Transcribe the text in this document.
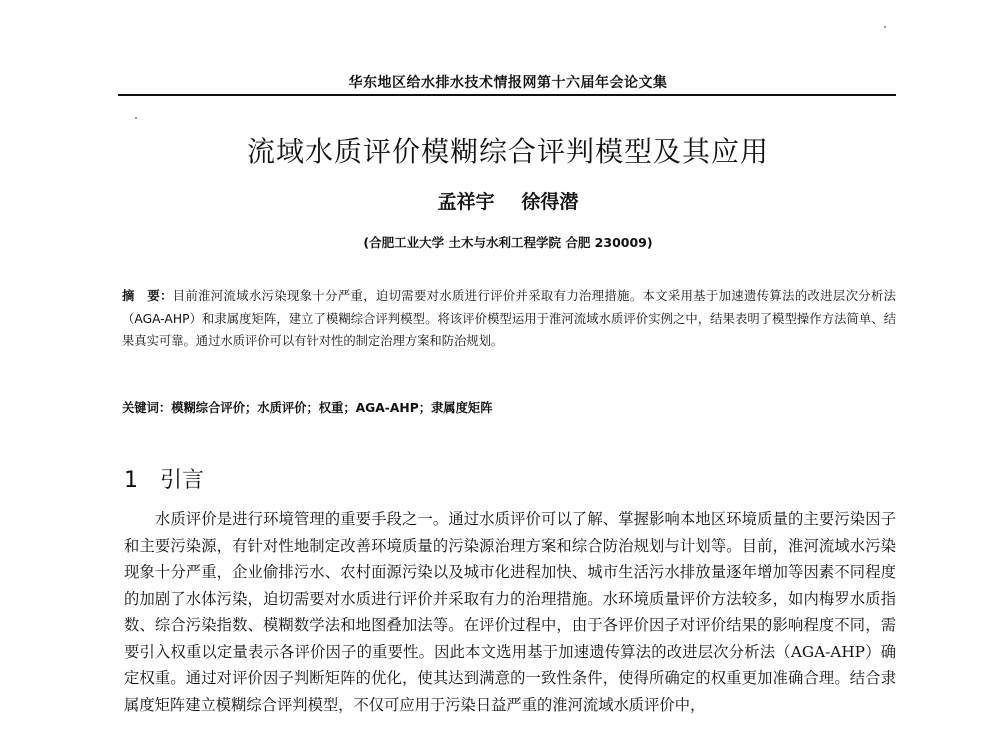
华东地区给水排水技术情报网第十六届年会论文集
流域水质评价模糊综合评判模型及其应用
孟祥宇 徐得潜
(合肥工业大学 土木与水利工程学院 合肥 230009)
摘　要：目前淮河流域水污染现象十分严重，迫切需要对水质进行评价并采取有力治理措施。本文采用基于加速遗传算法的改进层次分析法（AGA-AHP）和隶属度矩阵，建立了模糊综合评判模型。将该评价模型运用于淮河流域水质评价实例之中，结果表明了模型操作方法简单、结果真实可靠。通过水质评价可以有针对性的制定治理方案和防治规划。
关键词：模糊综合评价；水质评价；权重；AGA-AHP；隶属度矩阵
1 引言
水质评价是进行环境管理的重要手段之一。通过水质评价可以了解、掌握影响本地区环境质量的主要污染因子和主要污染源，有针对性地制定改善环境质量的污染源治理方案和综合防治规划与计划等。目前，淮河流域水污染现象十分严重，企业偷排污水、农村面源污染以及城市化进程加快、城市生活污水排放量逐年增加等因素不同程度的加剧了水体污染，迫切需要对水质进行评价并采取有力的治理措施。水环境质量评价方法较多，如内梅罗水质指数、综合污染指数、模糊数学法和地图叠加法等。在评价过程中，由于各评价因子对评价结果的影响程度不同，需要引入权重以定量表示各评价因子的重要性。因此本文选用基于加速遗传算法的改进层次分析法（AGA-AHP）确定权重。通过对评价因子判断矩阵的优化，使其达到满意的一致性条件，使得所确定的权重更加准确合理。结合隶属度矩阵建立模糊综合评判模型，不仅可应用于污染日益严重的淮河流域水质评价中，
